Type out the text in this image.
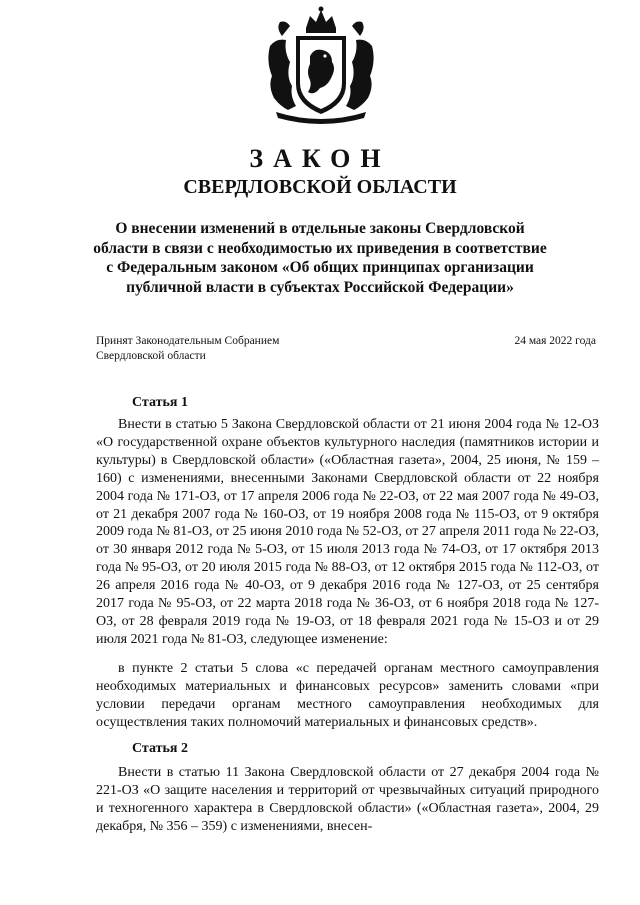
ЗАКОН
СВЕРДЛОВСКОЙ ОБЛАСТИ
О внесении изменений в отдельные законы Свердловской области в связи с необходимостью их приведения в соответствие с Федеральным законом «Об общих принципах организации публичной власти в субъектах Российской Федерации»
Принят Законодательным Собранием
Свердловской области
24 мая 2022 года
Статья 1

Внести в статью 5 Закона Свердловской области от 21 июня 2004 года № 12-ОЗ «О государственной охране объектов культурного наследия (памятников истории и культуры) в Свердловской области» («Областная газета», 2004, 25 июня, № 159 – 160) с изменениями, внесенными Законами Свердловской области от 22 ноября 2004 года № 171-ОЗ, от 17 апреля 2006 года № 22-ОЗ, от 22 мая 2007 года № 49-ОЗ, от 21 декабря 2007 года № 160-ОЗ, от 19 ноября 2008 года № 115-ОЗ, от 9 октября 2009 года № 81-ОЗ, от 25 июня 2010 года № 52-ОЗ, от 27 апреля 2011 года № 22-ОЗ, от 30 января 2012 года № 5-ОЗ, от 15 июля 2013 года № 74-ОЗ, от 17 октября 2013 года № 95-ОЗ, от 20 июля 2015 года № 88-ОЗ, от 12 октября 2015 года № 112-ОЗ, от 26 апреля 2016 года № 40-ОЗ, от 9 декабря 2016 года № 127-ОЗ, от 25 сентября 2017 года № 95-ОЗ, от 22 марта 2018 года № 36-ОЗ, от 6 ноября 2018 года № 127-ОЗ, от 28 февраля 2019 года № 19-ОЗ, от 18 февраля 2021 года № 15-ОЗ и от 29 июля 2021 года № 81-ОЗ, следующее изменение:

в пункте 2 статьи 5 слова «с передачей органам местного самоуправления необходимых материальных и финансовых ресурсов» заменить словами «при условии передачи органам местного самоуправления необходимых для осуществления таких полномочий материальных и финансовых средств».

Статья 2

Внести в статью 11 Закона Свердловской области от 27 декабря 2004 года № 221-ОЗ «О защите населения и территорий от чрезвычайных ситуаций природного и техногенного характера в Свердловской области» («Областная газета», 2004, 29 декабря, № 356 – 359) с изменениями, внесен-
